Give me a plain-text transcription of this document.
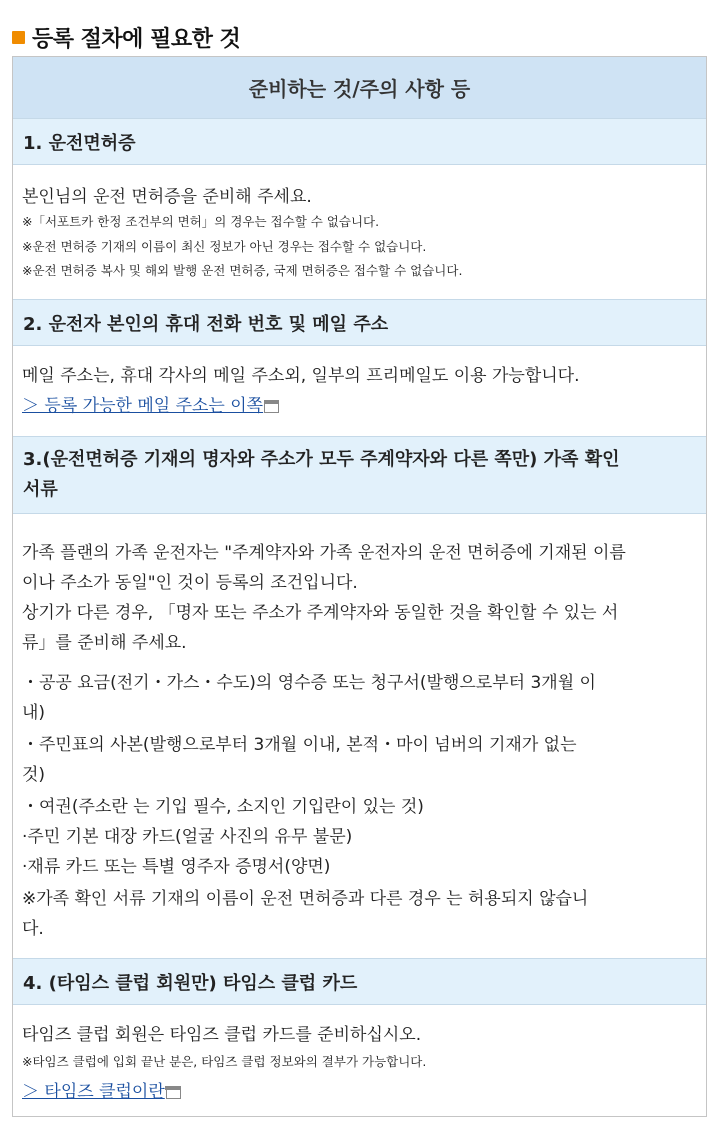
등록 절차에 필요한 것
준비하는 것/주의 사항 등
1. 운전면허증
본인님의 운전 면허증을 준비해 주세요.
※「서포트카 한정 조건부의 면허」의 경우는 접수할 수 없습니다.
※운전 면허증 기재의 이름이 최신 정보가 아닌 경우는 접수할 수 없습니다.
※운전 면허증 복사 및 해외 발행 운전 면허증, 국제 면허증은 접수할 수 없습니다.
2. 운전자 본인의 휴대 전화 번호 및 메일 주소
메일 주소는, 휴대 각사의 메일 주소외, 일부의 프리메일도 이용 가능합니다.
＞ 등록 가능한 메일 주소는 이쪽
3.(운전면허증 기재의 명자와 주소가 모두 주계약자와 다른 쪽만) 가족 확인
서류
가족 플랜의 가족 운전자는 "주계약자와 가족 운전자의 운전 면허증에 기재된 이름
이나 주소가 동일"인 것이 등록의 조건입니다.
상기가 다른 경우, 「명자 또는 주소가 주계약자와 동일한 것을 확인할 수 있는 서
류」를 준비해 주세요.
・공공 요금(전기・가스・수도)의 영수증 또는 청구서(발행으로부터 3개월 이
내)
・주민표의 사본(발행으로부터 3개월 이내, 본적・마이 넘버의 기재가 없는
것)
・여권(주소란 는 기입 필수, 소지인 기입란이 있는 것)
·주민 기본 대장 카드(얼굴 사진의 유무 불문)
·재류 카드 또는 특별 영주자 증명서(양면)
※가족 확인 서류 기재의 이름이 운전 면허증과 다른 경우 는 허용되지 않습니
다.
4. (타임스 클럽 회원만) 타임스 클럽 카드
타임즈 클럽 회원은 타임즈 클럽 카드를 준비하십시오.
※타임즈 클럽에 입회 끝난 분은, 타임즈 클럽 정보와의 결부가 가능합니다.
＞ 타임즈 클럽이란
